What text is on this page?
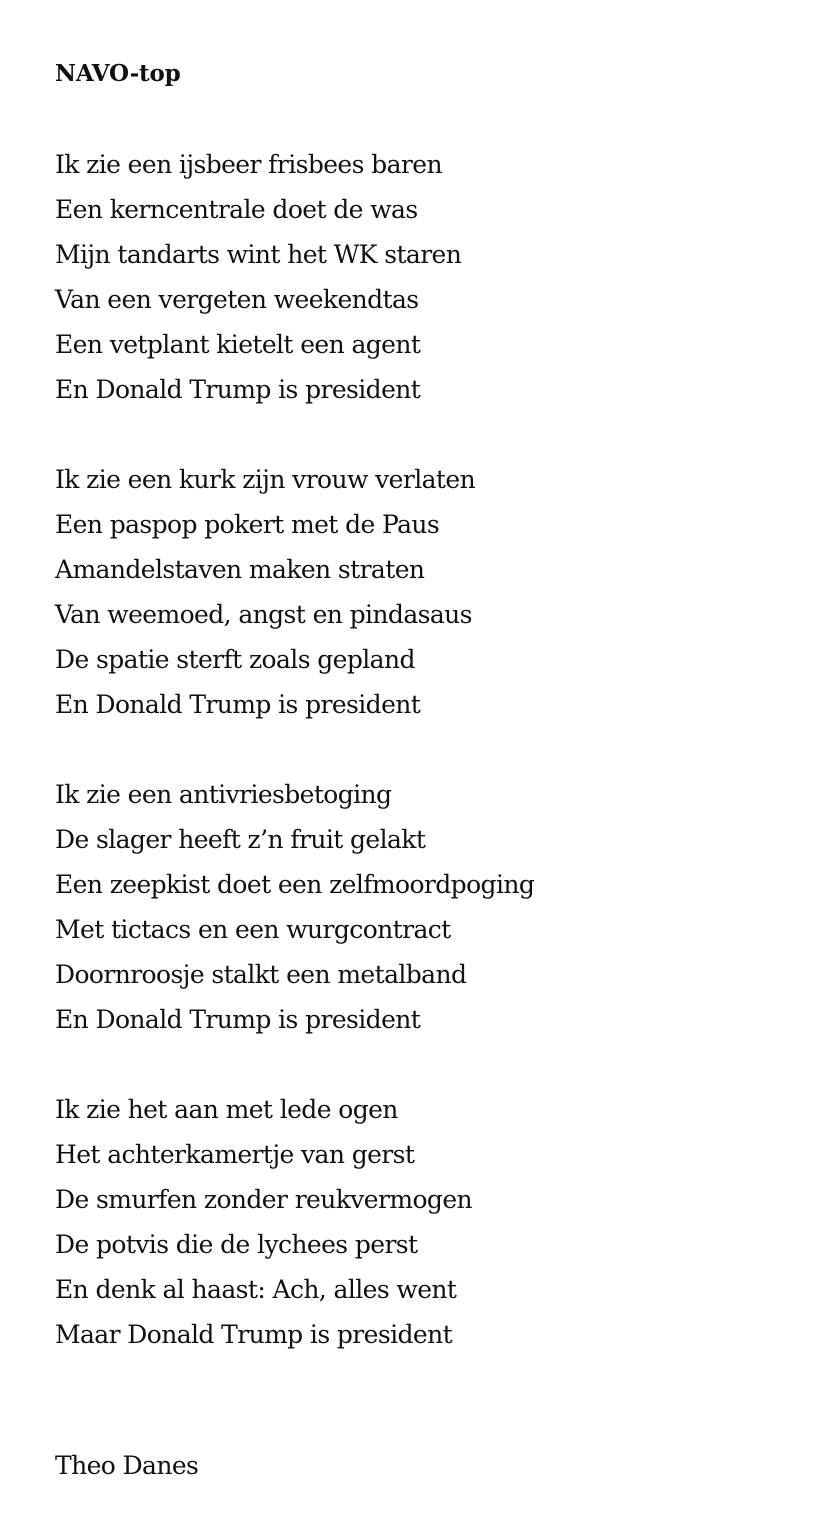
NAVO-top
Ik zie een ijsbeer frisbees baren
Een kerncentrale doet de was
Mijn tandarts wint het WK staren
Van een vergeten weekendtas
Een vetplant kietelt een agent
En Donald Trump is president
Ik zie een kurk zijn vrouw verlaten
Een paspop pokert met de Paus
Amandelstaven maken straten
Van weemoed, angst en pindasaus
De spatie sterft zoals gepland
En Donald Trump is president
Ik zie een antivriesbetoging
De slager heeft z’n fruit gelakt
Een zeepkist doet een zelfmoordpoging
Met tictacs en een wurgcontract
Doornroosje stalkt een metalband
En Donald Trump is president
Ik zie het aan met lede ogen
Het achterkamertje van gerst
De smurfen zonder reukvermogen
De potvis die de lychees perst
En denk al haast: Ach, alles went
Maar Donald Trump is president
Theo Danes
